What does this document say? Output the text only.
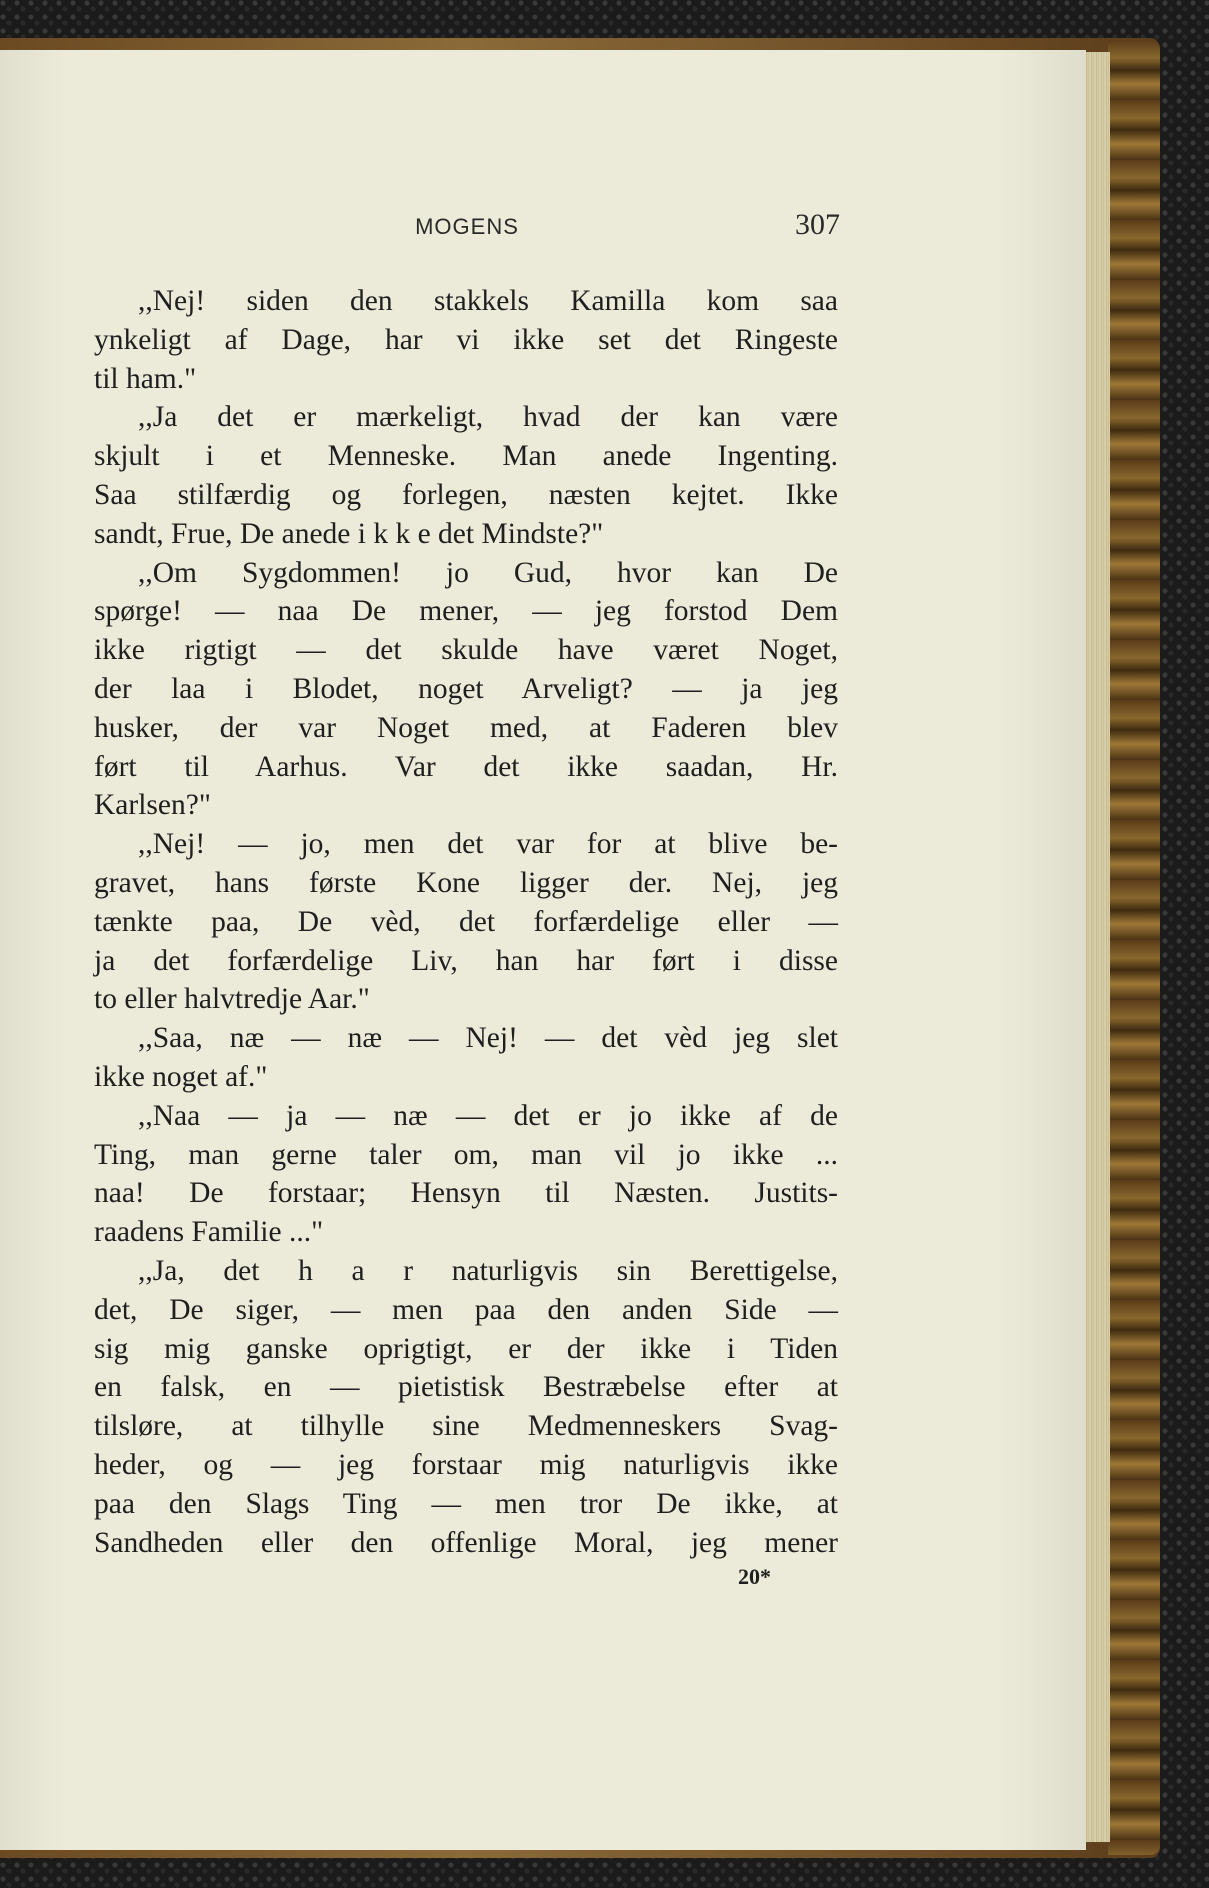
MOGENS	307
,,Nej! siden den stakkels Kamilla kom saa
ynkeligt af Dage, har vi ikke set det Ringeste
til ham."
,,Ja det er mærkeligt, hvad der kan være
skjult i et Menneske. Man anede Ingenting.
Saa stilfærdig og forlegen, næsten kejtet. Ikke
sandt, Frue, De anede i k k e det Mindste?"
,,Om Sygdommen! jo Gud, hvor kan De
spørge! — naa De mener, — jeg forstod Dem
ikke rigtigt — det skulde have været Noget,
der laa i Blodet, noget Arveligt? — ja jeg
husker, der var Noget med, at Faderen blev
ført til Aarhus. Var det ikke saadan, Hr.
Karlsen?"
,,Nej! — jo, men det var for at blive be-
gravet, hans første Kone ligger der. Nej, jeg
tænkte paa, De vèd, det forfærdelige eller —
ja det forfærdelige Liv, han har ført i disse
to eller halvtredje Aar."
,,Saa, næ — næ — Nej! — det vèd jeg slet
ikke noget af."
,,Naa — ja — næ — det er jo ikke af de
Ting, man gerne taler om, man vil jo ikke ...
naa! De forstaar; Hensyn til Næsten. Justits-
raadens Familie ..."
,,Ja, det h a r naturligvis sin Berettigelse,
det, De siger, — men paa den anden Side —
sig mig ganske oprigtigt, er der ikke i Tiden
en falsk, en — pietistisk Bestræbelse efter at
tilsløre, at tilhylle sine Medmenneskers Svag-
heder, og — jeg forstaar mig naturligvis ikke
paa den Slags Ting — men tror De ikke, at
Sandheden eller den offenlige Moral, jeg mener
20*
